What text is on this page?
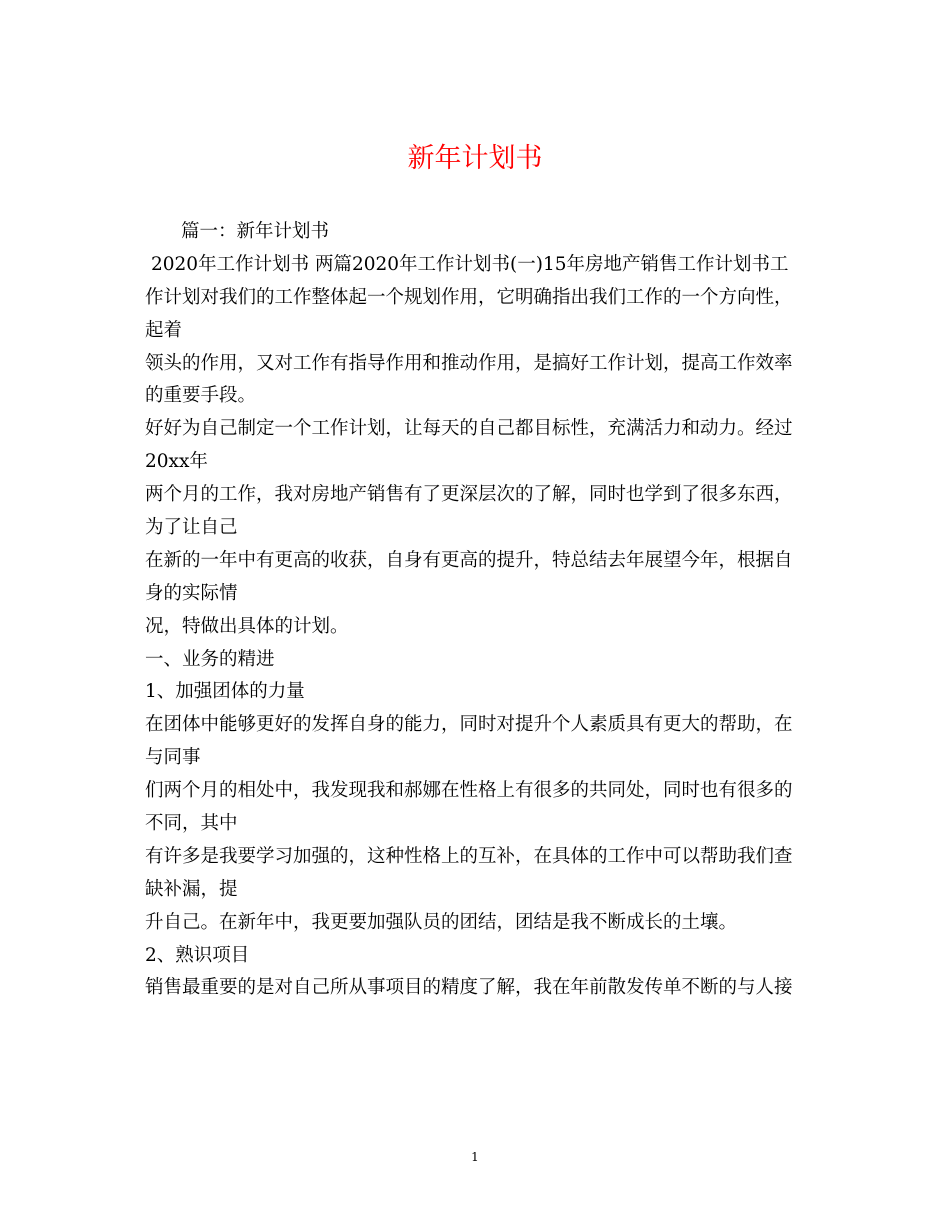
新年计划书

篇一：新年计划书

2020年工作计划书 两篇2020年工作计划书(一)15年房地产销售工作计划书工

作计划对我们的工作整体起一个规划作用，它明确指出我们工作的一个方向性，

起着

领头的作用，又对工作有指导作用和推动作用，是搞好工作计划，提高工作效率

的重要手段。

好好为自己制定一个工作计划，让每天的自己都目标性，充满活力和动力。经过

20xx年

两个月的工作，我对房地产销售有了更深层次的了解，同时也学到了很多东西，

为了让自己

在新的一年中有更高的收获，自身有更高的提升，特总结去年展望今年，根据自

身的实际情

况，特做出具体的计划。

一、业务的精进

1、加强团体的力量

在团体中能够更好的发挥自身的能力，同时对提升个人素质具有更大的帮助，在

与同事

们两个月的相处中，我发现我和郝娜在性格上有很多的共同处，同时也有很多的

不同，其中

有许多是我要学习加强的，这种性格上的互补，在具体的工作中可以帮助我们查

缺补漏，提

升自己。在新年中，我更要加强队员的团结，团结是我不断成长的土壤。

2、熟识项目

销售最重要的是对自己所从事项目的精度了解，我在年前散发传单不断的与人接

1
